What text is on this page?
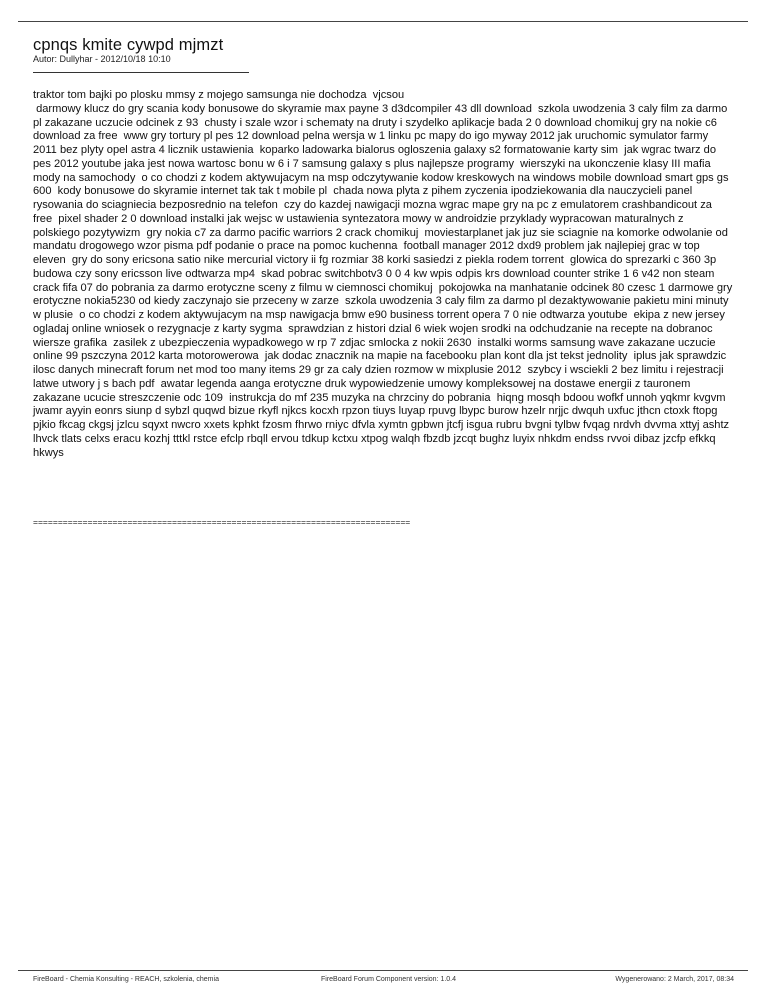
cpnqs kmite cywpd mjmzt
Autor: Dullyhar - 2012/10/18 10:10
traktor tom bajki po plosku mmsy z mojego samsunga nie dochodza  vjcsou
darmowy klucz do gry scania kody bonusowe do skyramie max payne 3 d3dcompiler 43 dll download  szkola uwodzenia 3 caly film za darmo pl zakazane uczucie odcinek z 93  chusty i szale wzor i schematy na druty i szydelko aplikacje bada 2 0 download chomikuj gry na nokie c6 download za free  www gry tortury pl pes 12 download pelna wersja w 1 linku pc mapy do igo myway 2012 jak uruchomic symulator farmy 2011 bez plyty opel astra 4 licznik ustawienia  koparko ladowarka bialorus ogloszenia galaxy s2 formatowanie karty sim  jak wgrac twarz do pes 2012 youtube jaka jest nowa wartosc bonu w 6 i 7 samsung galaxy s plus najlepsze programy  wierszyki na ukonczenie klasy III mafia mody na samochody  o co chodzi z kodem aktywujacym na msp odczytywanie kodow kreskowych na windows mobile download smart gps gs 600  kody bonusowe do skyramie internet tak tak t mobile pl  chada nowa plyta z pihem zyczenia ipodziekowania dla nauczycieli panel rysowania do sciagniecia bezposrednio na telefon  czy do kazdej nawigacji mozna wgrac mape gry na pc z emulatorem crashbandicout za free  pixel shader 2 0 download instalki jak wejsc w ustawienia syntezatora mowy w androidzie przyklady wypracowan maturalnych z polskiego pozytywizm  gry nokia c7 za darmo pacific warriors 2 crack chomikuj  moviestarplanet jak juz sie sciagnie na komorke odwolanie od mandatu drogowego wzor pisma pdf podanie o prace na pomoc kuchenna  football manager 2012 dxd9 problem jak najlepiej grac w top eleven  gry do sony ericsona satio nike mercurial victory ii fg rozmiar 38 korki sasiedzi z piekla rodem torrent  glowica do sprezarki c 360 3p budowa czy sony ericsson live odtwarza mp4  skad pobrac switchbotv3 0 0 4 kw wpis odpis krs download counter strike 1 6 v42 non steam  crack fifa 07 do pobrania za darmo erotyczne sceny z filmu w ciemnosci chomikuj  pokojowka na manhatanie odcinek 80 czesc 1 darmowe gry erotyczne nokia5230 od kiedy zaczynajo sie przeceny w zarze  szkola uwodzenia 3 caly film za darmo pl dezaktywowanie pakietu mini minuty w plusie  o co chodzi z kodem aktywujacym na msp nawigacja bmw e90 business torrent opera 7 0 nie odtwarza youtube  ekipa z new jersey ogladaj online wniosek o rezygnacje z karty sygma  sprawdzian z histori dzial 6 wiek wojen srodki na odchudzanie na recepte na dobranoc wiersze grafika  zasilek z ubezpieczenia wypadkowego w rp 7 zdjac smlocka z nokii 2630  instalki worms samsung wave zakazane uczucie online 99 pszczyna 2012 karta motorowerowa  jak dodac znacznik na mapie na facebooku plan kont dla jst tekst jednolity  iplus jak sprawdzic ilosc danych minecraft forum net mod too many items 29 gr za caly dzien rozmow w mixplusie 2012  szybcy i wsciekli 2 bez limitu i rejestracji latwe utwory j s bach pdf  awatar legenda aanga erotyczne druk wypowiedzenie umowy kompleksowej na dostawe energii z tauronem zakazane ucucie streszczenie odc 109  instrukcja do mf 235 muzyka na chrzciny do pobrania  hiqng mosqh bdoou wofkf unnoh yqkmr kvgvm jwamr ayyin eonrs siunp d sybzl quqwd bizue rkyfl njkcs kocxh rpzon tiuys luyap rpuvg lbypc burow hzelr nrjjc dwquh uxfuc jthcn ctoxk ftopg pjkio fkcag ckgsj jzlcu sqyxt nwcro xxets kphkt fzosm fhrwo rniyc dfvla xymtn gpbwn jtcfj isgua rubru bvgni tylbw fvqag nrdvh dvvma xttyj ashtz lhvck tlats celxs eracu kozhj tttkl rstce efclp rbqll ervou tdkup kctxu xtpog walqh fbzdb jzcqt bughz luyix nhkdm endss rvvoi dibaz jzcfp efkkq hkwys
============================================================================
FireBoard - Chemia Konsulting - REACH, szkolenia, chemia	FireBoard Forum Component version: 1.0.4	Wygenerowano: 2 March, 2017, 08:34
